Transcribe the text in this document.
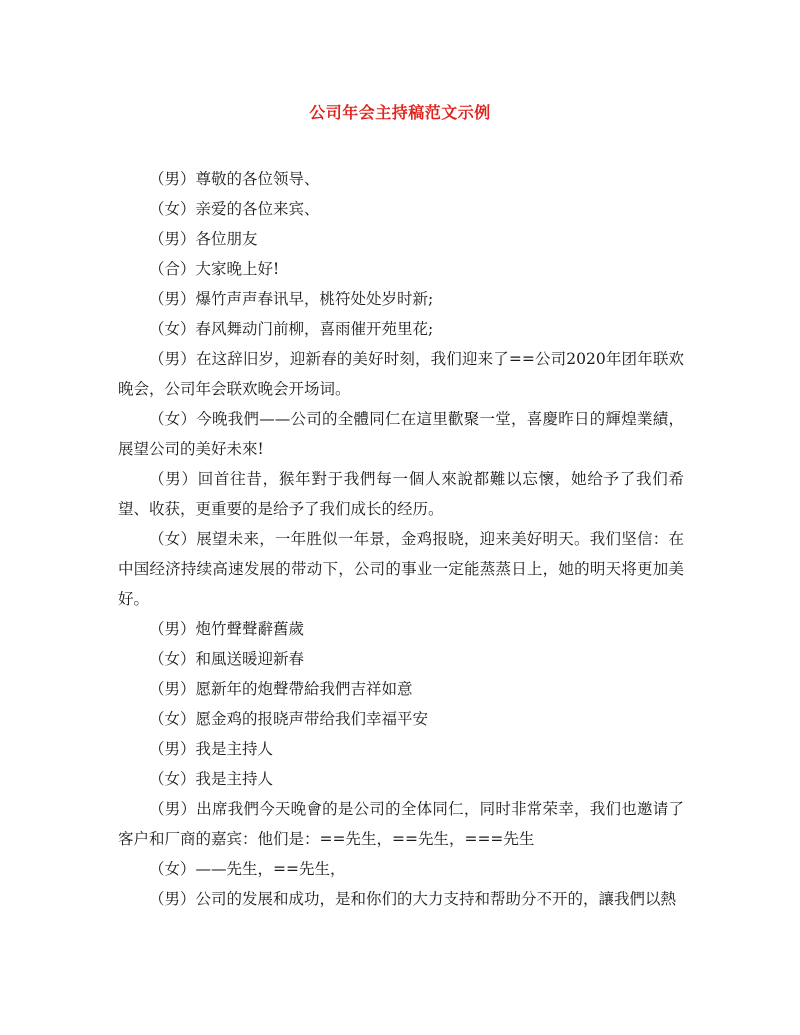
公司年会主持稿范文示例

（男）尊敬的各位领导、

（女）亲爱的各位来宾、

（男）各位朋友

（合）大家晚上好!

（男）爆竹声声春讯早，桃符处处岁时新;

（女）春风舞动门前柳，喜雨催开苑里花;

（男）在这辞旧岁，迎新春的美好时刻，我们迎来了==公司2020年团年联欢晚会，公司年会联欢晚会开场词。

（女）今晚我們——公司的全體同仁在這里歡聚一堂，喜慶昨日的輝煌業績，展望公司的美好未來!

（男）回首往昔，猴年對于我們每一個人來說都難以忘懷，她给予了我们希望、收获，更重要的是给予了我们成长的经历。

（女）展望未来，一年胜似一年景，金鸡报晓，迎来美好明天。我们坚信：在中国经济持续高速发展的带动下，公司的事业一定能蒸蒸日上，她的明天将更加美好。

（男）炮竹聲聲辭舊歲

（女）和風送暖迎新春

（男）愿新年的炮聲帶給我們吉祥如意

（女）愿金鸡的报晓声带给我们幸福平安

（男）我是主持人

（女）我是主持人

（男）出席我們今天晚會的是公司的全体同仁，同时非常荣幸，我们也邀请了客户和厂商的嘉宾：他们是：==先生，==先生，===先生

（女）——先生，==先生，

（男）公司的发展和成功，是和你们的大力支持和帮助分不开的，讓我們以熱
